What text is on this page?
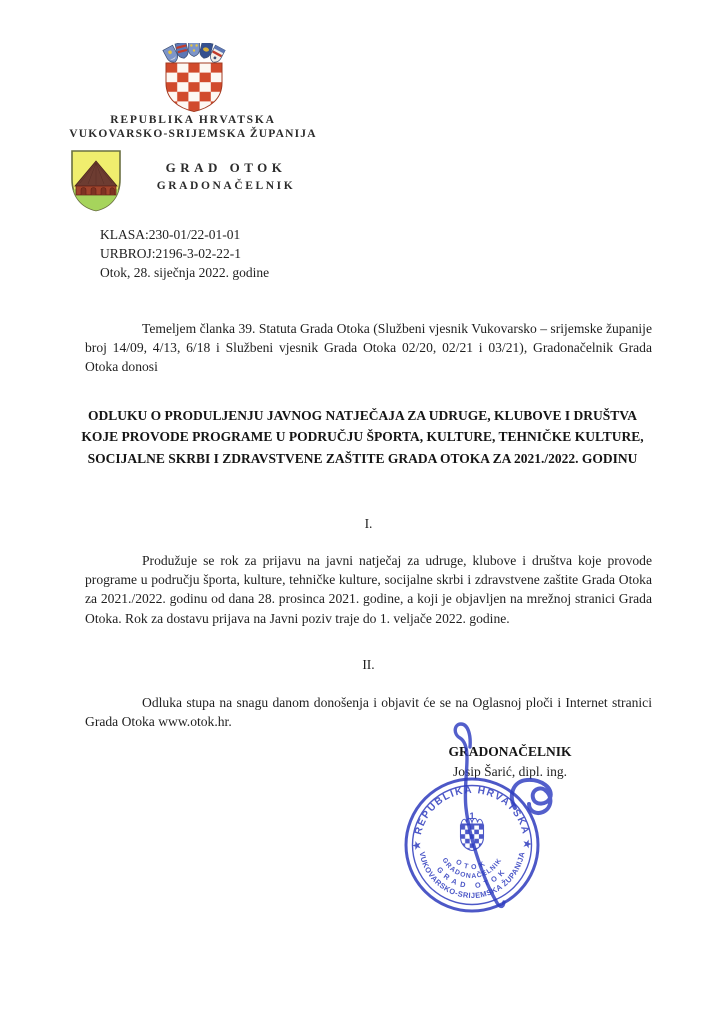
REPUBLIKA HRVATSKA
VUKOVARSKO-SRIJEMSKA ŽUPANIJA
GRAD OTOK
GRADONAČELNIK
KLASA:230-01/22-01-01
URBROJ:2196-3-02-22-1
Otok, 28. siječnja 2022. godine

Temeljem članka 39. Statuta Grada Otoka (Službeni vjesnik Vukovarsko – srijemske županije broj 14/09, 4/13, 6/18 i Službeni vjesnik Grada Otoka 02/20, 02/21 i 03/21), Gradonačelnik Grada Otoka donosi

ODLUKU O PRODULJENJU JAVNOG NATJEČAJA ZA UDRUGE, KLUBOVE I DRUŠTVA KOJE PROVODE PROGRAME U PODRUČJU ŠPORTA, KULTURE, TEHNIČKE KULTURE, SOCIJALNE SKRBI I ZDRAVSTVENE ZAŠTITE GRADA OTOKA ZA 2021./2022. GODINU
I.

Produžuje se rok za prijavu na javni natječaj za udruge, klubove i društva koje provode programe u području športa, kulture, tehničke kulture, socijalne skrbi i zdravstvene zaštite Grada Otoka za 2021./2022. godinu od dana 28. prosinca 2021. godine, a koji je objavljen na mrežnoj stranici Grada Otoka. Rok za dostavu prijava na Javni poziv traje do 1. veljače 2022. godine.

II.

Odluka stupa na snagu danom donošenja i objavit će se na Oglasnoj ploči i Internet stranici Grada Otoka www.otok.hr.

GRADONAČELNIK
Josip Šarić, dipl. ing.
★ REPUBLIKA HRVATSKA ★
VUKOVARSKO-SRIJEMSKA ŽUPANIJA
1
OTOK
GRADONAČELNIK
GRAD OTOK
